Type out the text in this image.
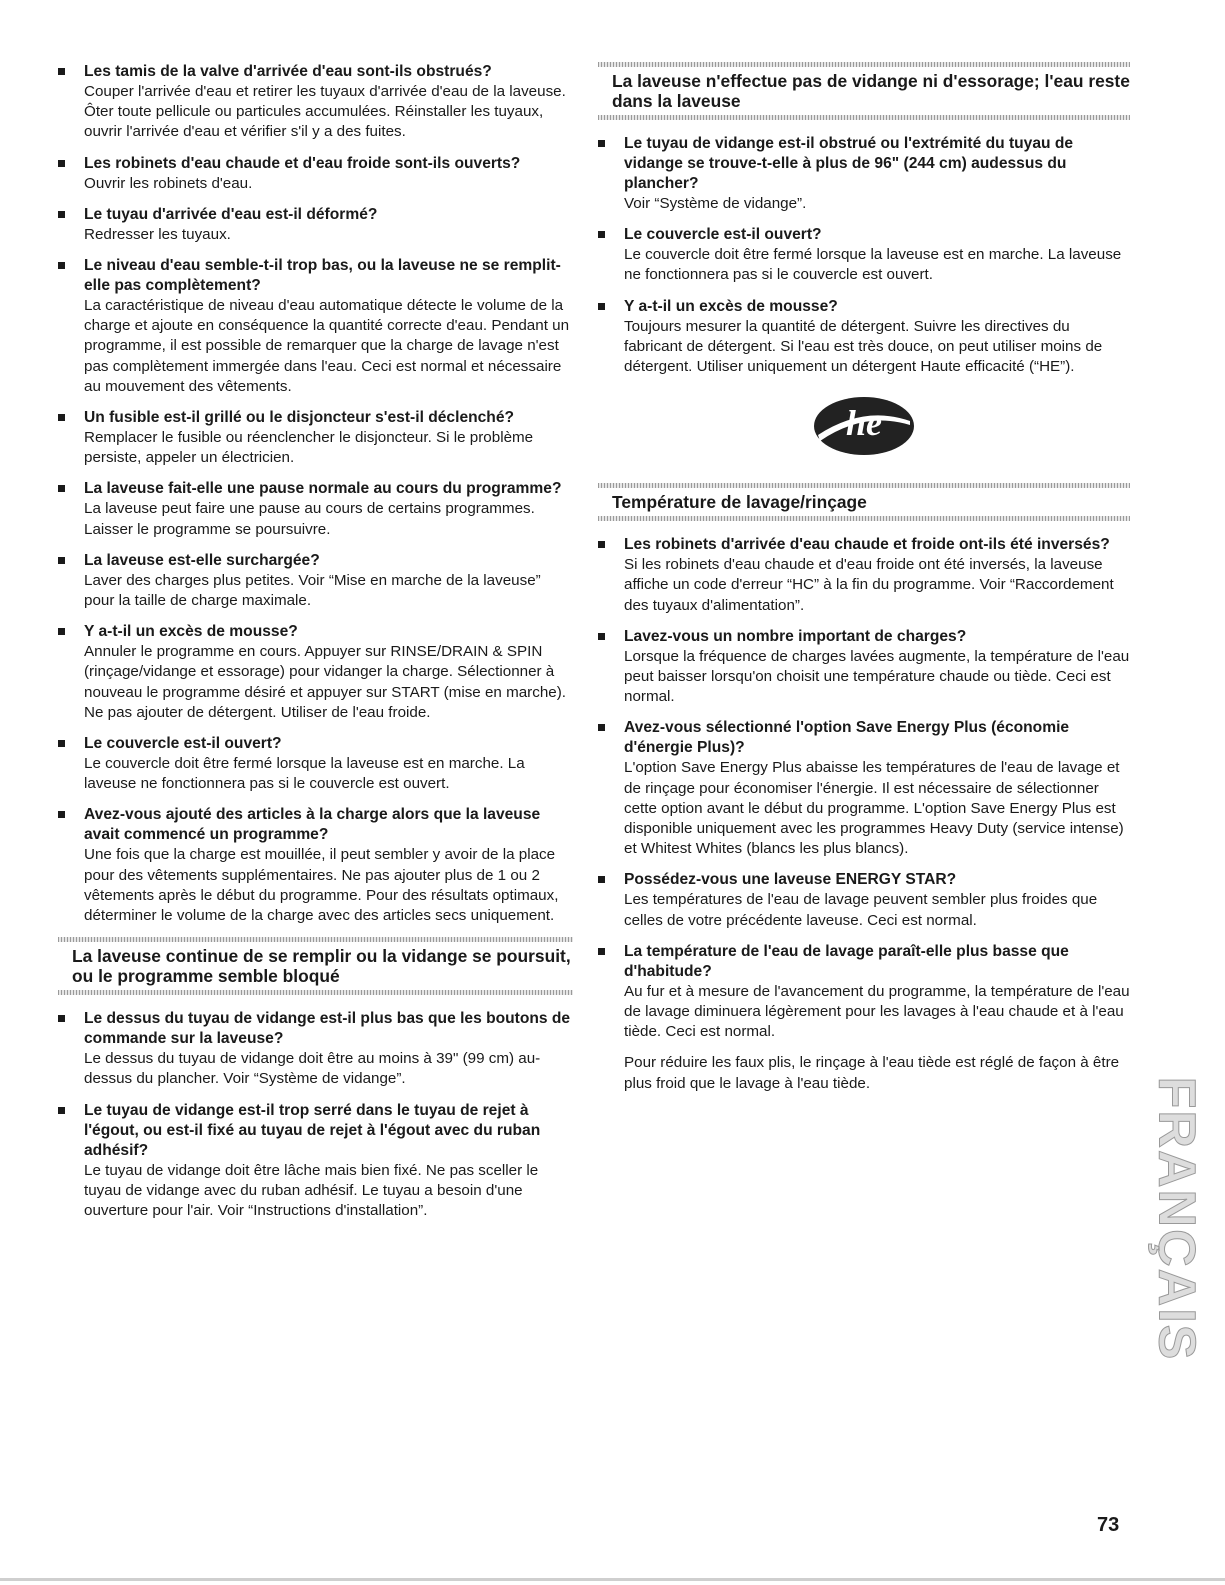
Les tamis de la valve d'arrivée d'eau sont-ils obstrués?
Couper l'arrivée d'eau et retirer les tuyaux d'arrivée d'eau de la laveuse. Ôter toute pellicule ou particules accumulées. Réinstaller les tuyaux, ouvrir l'arrivée d'eau et vérifier s'il y a des fuites.
Les robinets d'eau chaude et d'eau froide sont-ils ouverts?
Ouvrir les robinets d'eau.
Le tuyau d'arrivée d'eau est-il déformé?
Redresser les tuyaux.
Le niveau d'eau semble-t-il trop bas, ou la laveuse ne se remplit-elle pas complètement?
La caractéristique de niveau d'eau automatique détecte le volume de la charge et ajoute en conséquence la quantité correcte d'eau. Pendant un programme, il est possible de remarquer que la charge de lavage n'est pas complètement immergée dans l'eau. Ceci est normal et nécessaire au mouvement des vêtements.
Un fusible est-il grillé ou le disjoncteur s'est-il déclenché?
Remplacer le fusible ou réenclencher le disjoncteur. Si le problème persiste, appeler un électricien.
La laveuse fait-elle une pause normale au cours du programme?
La laveuse peut faire une pause au cours de certains programmes. Laisser le programme se poursuivre.
La laveuse est-elle surchargée?
Laver des charges plus petites. Voir “Mise en marche de la laveuse” pour la taille de charge maximale.
Y a-t-il un excès de mousse?
Annuler le programme en cours. Appuyer sur RINSE/DRAIN & SPIN (rinçage/vidange et essorage) pour vidanger la charge. Sélectionner à nouveau le programme désiré et appuyer sur START (mise en marche). Ne pas ajouter de détergent. Utiliser de l'eau froide.
Le couvercle est-il ouvert?
Le couvercle doit être fermé lorsque la laveuse est en marche. La laveuse ne fonctionnera pas si le couvercle est ouvert.
Avez-vous ajouté des articles à la charge alors que la laveuse avait commencé un programme?
Une fois que la charge est mouillée, il peut sembler y avoir de la place pour des vêtements supplémentaires. Ne pas ajouter plus de 1 ou 2 vêtements après le début du programme. Pour des résultats optimaux, déterminer le volume de la charge avec des articles secs uniquement.
La laveuse continue de se remplir ou la vidange se poursuit, ou le programme semble bloqué
Le dessus du tuyau de vidange est-il plus bas que les boutons de commande sur la laveuse?
Le dessus du tuyau de vidange doit être au moins à 39" (99 cm) au-dessus du plancher. Voir “Système de vidange”.
Le tuyau de vidange est-il trop serré dans le tuyau de rejet à l'égout, ou est-il fixé au tuyau de rejet à l'égout avec du ruban adhésif?
Le tuyau de vidange doit être lâche mais bien fixé. Ne pas sceller le tuyau de vidange avec du ruban adhésif. Le tuyau a besoin d'une ouverture pour l'air. Voir “Instructions d'installation”.
La laveuse n'effectue pas de vidange ni d'essorage; l'eau reste dans la laveuse
Le tuyau de vidange est-il obstrué ou l'extrémité du tuyau de vidange se trouve-t-elle à plus de 96" (244 cm) audessus du plancher?
Voir “Système de vidange”.
Le couvercle est-il ouvert?
Le couvercle doit être fermé lorsque la laveuse est en marche. La laveuse ne fonctionnera pas si le couvercle est ouvert.
Y a-t-il un excès de mousse?
Toujours mesurer la quantité de détergent. Suivre les directives du fabricant de détergent. Si l'eau est très douce, on peut utiliser moins de détergent. Utiliser uniquement un détergent Haute efficacité (“HE”).
he
Température de lavage/rinçage
Les robinets d'arrivée d'eau chaude et froide ont-ils été inversés?
Si les robinets d'eau chaude et d'eau froide ont été inversés, la laveuse affiche un code d'erreur “HC” à la fin du programme. Voir “Raccordement des tuyaux d'alimentation”.
Lavez-vous un nombre important de charges?
Lorsque la fréquence de charges lavées augmente, la température de l'eau peut baisser lorsqu'on choisit une température chaude ou tiède. Ceci est normal.
Avez-vous sélectionné l'option Save Energy Plus (économie d'énergie Plus)?
L'option Save Energy Plus abaisse les températures de l'eau de lavage et de rinçage pour économiser l'énergie. Il est nécessaire de sélectionner cette option avant le début du programme. L'option Save Energy Plus est disponible uniquement avec les programmes Heavy Duty (service intense) et Whitest Whites (blancs les plus blancs).
Possédez-vous une laveuse ENERGY STAR?
Les températures de l'eau de lavage peuvent sembler plus froides que celles de votre précédente laveuse. Ceci est normal.
La température de l'eau de lavage paraît-elle plus basse que d'habitude?
Au fur et à mesure de l'avancement du programme, la température de l'eau de lavage diminuera légèrement pour les lavages à l'eau chaude et à l'eau tiède. Ceci est normal.
Pour réduire les faux plis, le rinçage à l'eau tiède est réglé de façon à être plus froid que le lavage à l'eau tiède.	FRANÇAIS
73
